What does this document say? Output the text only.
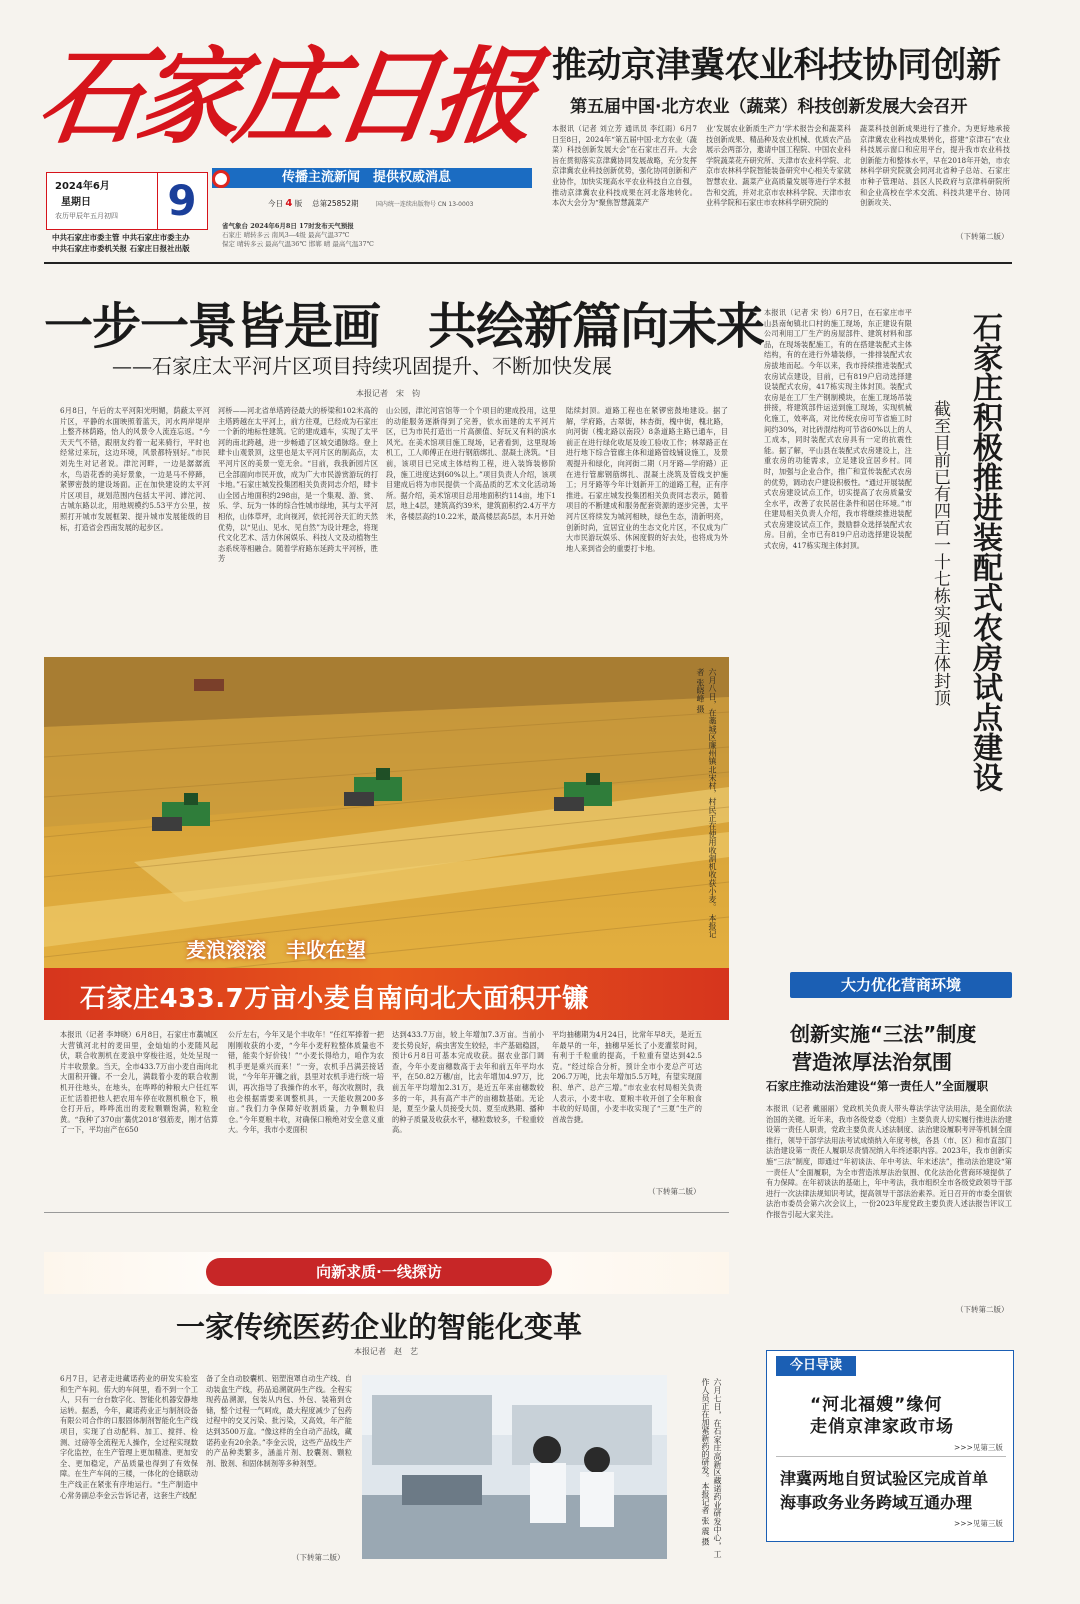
石家庄日报
2024年6月
星期日
农历甲辰年五月初四 9
中共石家庄市委主管 中共石家庄市委主办
中共石家庄市委机关报 石家庄日报社出版
传播主流新闻　提供权威消息
今日 4 版　 总第25852期　　	国内统一连续出版物号 CN 13-0003
省气象台 2024年6月8日 17时发布天气预报
石家庄 晴转多云 南风3—4级 最高气温37℃
保定 晴转多云 最高气温36℃ 邯郸 晴 最高气温37℃
推动京津冀农业科技协同创新
第五届中国·北方农业（蔬菜）科技创新发展大会召开
本报讯（记者 刘立芳 通讯员 李红雨）6月7日至8日，2024年“第五届中国·北方农业（蔬菜）科技创新发展大会”在石家庄召开。大会旨在贯彻落实京津冀协同发展战略，充分发挥京津冀农业科技创新优势，强化协同创新和产业协作，加快实现高水平农业科技自立自强，推动京津冀农业科技成果在河北落地转化。 本次大会分为“聚焦智慧蔬菜产
业‘发展农业新质生产力’学术报告会和蔬菜科技创新成果、精品种及农业机械、优质农产品展示会两部分，邀请中国工程院、中国农业科学院蔬菜花卉研究所、天津市农业科学院、北京市农林科学院智能装备研究中心相关专家就智慧农业、蔬菜产业高质量发展等进行学术报告和交流，并对北京市农林科学院、天津市农业科学院和石家庄市农林科学研究院的
蔬菜科技创新成果进行了推介。为更好地承接京津冀农业科技成果转化，搭建“京津石”农业科技展示窗口和应用平台，提升我市农业科技创新能力和整体水平，早在2018年开始，市农林科学研究院就会同河北省种子总站、石家庄市种子管理站、县区人民政府与京津科研院所和企业高校在学术交流、科技共建平台、协同创新攻关、
（下转第二版）
一步一景皆是画　共绘新篇向未来
——石家庄太平河片区项目持续巩固提升、不断加快发展
本报记者　宋　钧
6月8日，午后的太平河阳光明媚，荫蔽太平河片区，平静的水面映照着蓝天，河水两岸堤岸上整齐林荫路，怡人的风景令人流连忘返。“今天天气不错，跟朋友约着一起来骑行，平时也经常过来玩，这边环境，风景都特别好。”市民刘先生对记者说。津沱河畔，一边是潺潺流水，鸟语花香的美好景象，一边是马不停蹄，紧锣密鼓的建设场面。正在加快建设的太平河片区项目，规划范围内包括太平河、滹沱河、古城东路以北，用地规模约5.53平方公里，按照打开城市发展框架、提升城市发展能级的目标，打造省会西南发展的起步区。
河桥——河北省单塔跨径最大的桥梁和102米高的主塔跨越在太平河上，前方往观，已经成为石家庄一个新的地标性建筑。它的建成通车，实现了太平河的南北跨越，进一步畅通了区城交通脉络。登上肆卡山观景顶，这里也是太平河片区的制高点，太平河片区的美景一览无余。“目前，我我新园片区已全部面向市民开放，成为广大市民游赏游玩的打卡地。”石家庄城发投集团相关负责同志介绍，肆卡山全园占地面积约298亩，是一个集观、游、赏、乐、学、玩为一体的综合性城市绿地，其与太平河相依，山体草坪，北向视河，依托河谷天汇的天然优势，以“见山、见水、见自然”为设计理念，将现代文化艺术、活力休闲娱乐、科技人文及动植物生态系统等相融合。随着学府路东延跨太平河桥，胜芳
山公园，津沱河宫馆等一个个项目的建成投用，这里的动能服务逐渐得到了完善，依水而建的太平河片区，已为市民打造出一片高颜值、好玩又有料的滨水风光。在美术馆项目施工现场，记者看到，这里现场机工，工人师傅正在进行钢筋绑扎、混凝土浇筑。“目前，该项目已完成主体结构工程，进入装饰装修阶段，施工进度达到60%以上。”项目负责人介绍，该项目建成后将为市民提供一个高品质的艺术文化活动场所。据介绍，美术馆项目总用地面积约114亩，地下1层，地上4层，建筑高约39米，建筑面积约2.4万平方米，各楼层高约10.22米，最高楼层高5层，本月开始
陆续封顶。道路工程也在紧锣密鼓地建设。据了解，学府路，古翠街，林杏街，槐中街，槐北路，向河街（槐北路以南段）8条道路主路已通车，目前正在进行绿化收尾及竣工验收工作；林翠路正在进行地下综合管廊主体和道路管线铺设施工，及景观提升和绿化，向河街二期（月牙路—学府路）正在进行管廊钢筋绑扎、混凝土浇筑及管线支护施工；月牙路等今年计划新开工的道路工程，正有序推进。石家庄城发投集团相关负责同志表示，随着项目的不断建成和服务配套资源的逐步完善，太平河片区将续发为城河相映，绿色生态，清新明亮，创新时尚，宜居宜业的生态文化片区，不仅成为广大市民游玩娱乐、休闲度假的好去处，也将成为外地人来到省会的重要打卡地。
六月八日，在藁城区廉州镇北宋村，村民正在使用收割机收获小麦。 本报记者 张晓峰 摄
麦浪滚滚　丰收在望
石家庄433.7万亩小麦自南向北大面积开镰
本报讯（记者 李坤晓）6月8日，石家庄市藁城区大营镇河北村的麦田里，金灿灿的小麦随风起伏，联合收割机在麦浪中穿梭往返，处处呈现一片丰收景象。当天，全市433.7万亩小麦自南向北大面积开镰。不一会儿，满载着小麦的联合收割机开往地头，在地头，在哗哗的种粮大户任红军正忙活着把他人把农用车停在收割机粮仓下，粮仓打开后，哗哗流出的麦粒颗颗饱满，粒粒金黄。“我种了370亩‘藁优2018’强筋麦，刚才估算了一下，平均亩产在650
公斤左右，今年又是个丰收年！”任红军捧着一把刚刚收获的小麦，“今年小麦籽粒整体质量也不错，能卖个好价钱！”“小麦长得给力，咱作为农机手更是乘兴而来！”一旁，农机手吕满芸接话说，“今年年开镰之前，县里对农机手进行统一培训，再次指导了我操作的水平，每次收割时，我也会根据需要来调整机具，一天能收割200多亩。”我们力争保障好收割质量，力争颗粒归仓。”今年夏粮丰收，对确保口粮绝对安全意义重大。今年，我市小麦面积
达到433.7万亩，较上年增加7.3万亩。当前小麦长势良好，病虫害发生较轻，丰产基础稳固，预计6月8日可基本完成收获。据农业部门调查，今年小麦亩穗数高于去年和前五年平均水平，在50.82万穗/亩，比去年增加4.97万，比前五年平均增加2.31万，是近五年来亩穗数较多的一年，具有高产丰产的亩穗数基础。无论是，夏至少量人员接受大员、夏至成熟期、播种的种子质量及收获水平，穗粒数较多，千粒重较高。
平均抽穗期为4月24日，比常年早8天，是近五年最早的一年，抽穗早延长了小麦灌浆时间，有利于千粒重的提高，千粒重有望达到42.5克。“经过综合分析，预计全市小麦总产可达206.7万吨，比去年增加5.5万吨，有望实现面积、单产、总产三增。”市农业农村局相关负责人表示，小麦丰收、夏粮丰收开创了全年粮食丰收的好局面，小麦丰收实现了“三夏”生产的首战告捷。
（下转第二版）
石家庄积极推进装配式农房试点建设
截至目前已有四百一十七栋实现主体封顶
本报讯（记者 宋 钧）6月7日，在石家庄市平山县南甸镇北口村的施工现场，东正建设有限公司利用工厂生产的房屋部件、建筑材料和部品，在现场装配施工，有的在搭建装配式主体结构，有的在进行外墙装修，一排排装配式农房拔地而起。今年以来，我市持续推进装配式农房试点建设，目前，已有819户启动选择建设装配式农房，417栋实现主体封顶。装配式农房是在工厂生产钢制模块，在施工现场吊装拼接，将建筑部件运送到施工现场，实现机械化施工，效率高，对比传统农房可节省施工时间约30%，对比砖混结构可节省60%以上的人工成本，同时装配式农房具有一定的抗震性能。据了解，平山县在装配式农房建设上，注重农房的功能需求，立足建设宜居乡村。同时，加强与企业合作，推广和宣传装配式农房的优势，调动农户建设积极性。“通过开展装配式农房建设试点工作，切实提高了农房质量安全水平，改善了农民居住条件和居住环境。”市住建局相关负责人介绍，我市将继续推进装配式农房建设试点工作，鼓励群众选择装配式农房。目前，全市已有819户启动选择建设装配式农房，417栋实现主体封顶。
大力优化营商环境
创新实施“三法”制度
营造浓厚法治氛围
石家庄推动法治建设“第一责任人”全面履职
本报讯（记者 戴丽丽）党政机关负责人带头尊法学法守法用法，是全面依法治国的关键。近年来，我市各级党委（党组）主要负责人切实履行推进法治建设第一责任人职责，党政主要负责人述法制度、法治建设履职考评等机制全面推行，领导干部学法用法考试成绩纳入年度考核，各县（市、区）和市直部门法治建设第一责任人履职尽责情况纳入年终述职内容。2023年，我市创新实施“三法”制度，即通过“年初谈法、年中考法、年末述法”，推动法治建设“第一责任人”全面履职，为全市营造浓厚法治氛围、优化法治化营商环境提供了有力保障。在年初谈法的基础上，年中考法，我市组织全市各级党政领导干部进行一次法律法规知识考试，提高领导干部法治素养。近日召开的市委全面依法治市委员会第六次会议上，一份2023年度党政主要负责人述法报告评议工作报告引起大家关注。
（下转第二版）
向新求质·一线探访
一家传统医药企业的智能化变革
本报记者　赵　艺
6月7日，记者走进藏诺药业的研发实验室和生产车间。偌大的车间里，看不到一个工人，只有一台台数字化、智能化机器安静地运转。据悉，今年，藏诺药业正与制剂设备有限公司合作的口服固体制剂智能化生产线项目，实现了自动配料、加工、搅拌、检测、过磅等全流程无人操作，全过程实现数字化监控，在生产管理上更加精准、更加安全、更加稳定，产品质量也得到了有效保障。在生产车间的三楼，一体化的仓储联动生产线正在紧张有序地运行。“生产制造中心常务副总李金云告诉记者，这套生产线配
备了全自动胶囊机、铝塑泡罩自动生产线、自动装盒生产线，药品追溯就码生产线。全程实现药品溯源，包装从内包、外包、装箱到仓储，整个过程一气呵成，最大程度减少了包药过程中的交叉污染、批污染，又高效，年产能达到3500万盒。“像这样的全自动产品线，藏诺药业有20余条。”李金云说，这些产品线生产的产品种类繁多，涵盖片剂、胶囊剂、颗粒剂、散剂、和固体制剂等多种剂型。
（下转第二版）	六月七日，在石家庄高新区藏诺药业研发中心，工作人员正在加紧新药的研发。本报记者 张 震 摄
今日导读
“河北福嫂”缘何
走俏京津家政市场
>>>见第三版
津冀两地自贸试验区完成首单
海事政务业务跨域互通办理
>>>见第三版
